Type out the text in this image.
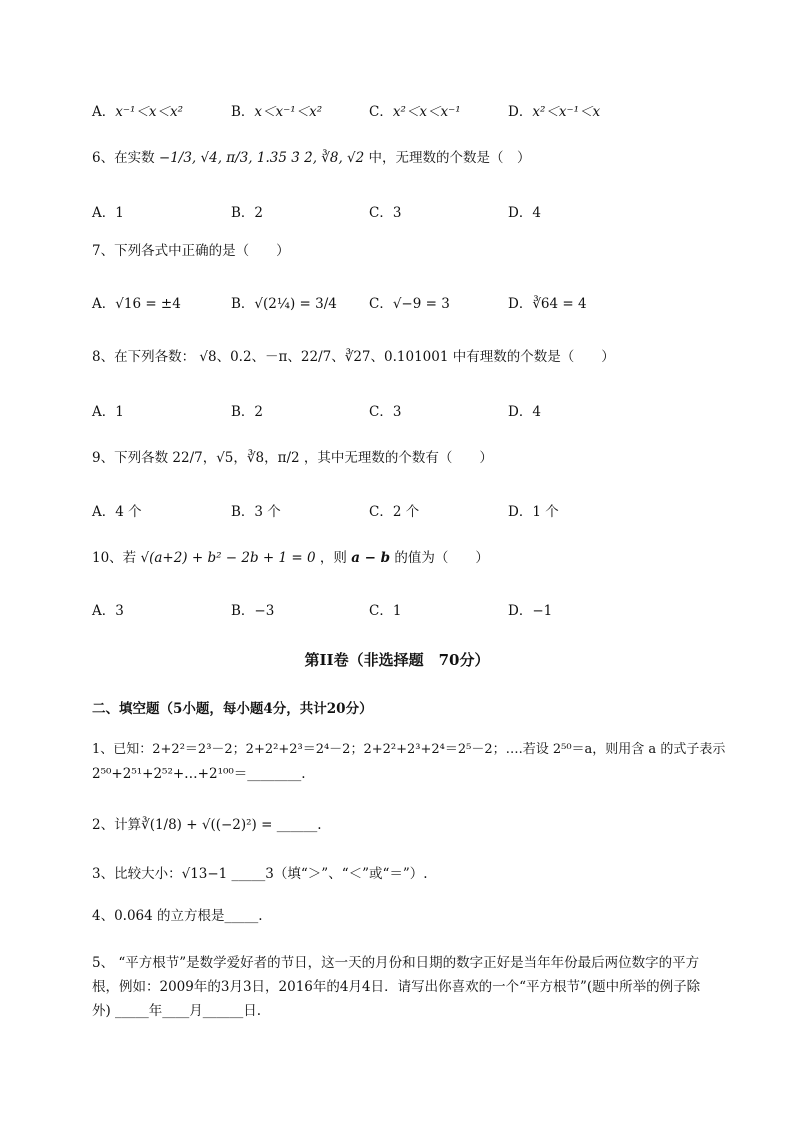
A．x⁻¹＜x＜x²	B．x＜x⁻¹＜x²	C．x²＜x＜x⁻¹	D．x²＜x⁻¹＜x
6、在实数 −1/3, √4, π/3, 1.35 3̇ 2̇, ∛8, √2 中，无理数的个数是（　）
A．1	B．2	C．3	D．4
7、下列各式中正确的是（　　）
A．√16 = ±4	B．√(2¼) = 3/4 C．√−9 = 3	D．∛64 = 4
8、在下列各数： √8、0.2、－π、22/7、∛27、0.101001 中有理数的个数是（　　）
A．1	B．2	C．3	D．4
9、下列各数 22/7，√5，∛8，π/2 ，其中无理数的个数有（　　）
A．4 个	B．3 个	C．2 个	D．1 个
10、若 √(a+2) + b² − 2b + 1 = 0 ，则 a − b 的值为（　　）
A．3	B．−3	C．1	D．−1
第II卷（非选择题　70分）
二、填空题（5小题，每小题4分，共计20分）
1、已知：2+2²＝2³－2；2+2²+2³＝2⁴－2；2+2²+2³+2⁴＝2⁵－2；….若设 2⁵⁰＝a，则用含 a 的式子表示
2⁵⁰+2⁵¹+2⁵²+…+2¹⁰⁰＝________.
2、计算∛(1/8) + √((−2)²) = ______.
3、比较大小：√13−1 _____3（填“＞”、“＜”或“＝”）.
4、0.064 的立方根是_____.
5、 “平方根节”是数学爱好者的节日，这一天的月份和日期的数字正好是当年年份最后两位数字的平方根，例如：2009年的3月3日，2016年的4月4日．请写出你喜欢的一个“平方根节”(题中所举的例子除外) _____年____月______日.
